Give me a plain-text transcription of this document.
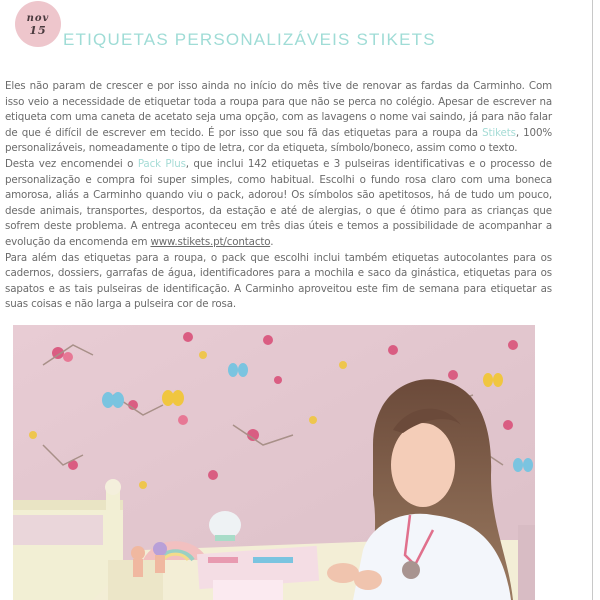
nov
15 ETIQUETAS PERSONALIZÁVEIS STIKETS

Eles não param de crescer e por isso ainda no início do mês tive de renovar as fardas da Carminho. Com isso veio a necessidade de etiquetar toda a roupa para que não se perca no colégio. Apesar de escrever na etiqueta com uma caneta de acetato seja uma opção, com as lavagens o nome vai saindo, já para não falar de que é difícil de escrever em tecido. É por isso que sou fã das etiquetas para a roupa da Stikets, 100% personalizáveis, nomeadamente o tipo de letra, cor da etiqueta, símbolo/boneco, assim como o texto.

Desta vez encomendei o Pack Plus, que inclui 142 etiquetas e 3 pulseiras identificativas e o processo de personalização e compra foi super simples, como habitual. Escolhi o fundo rosa claro com uma boneca amorosa, aliás a Carminho quando viu o pack, adorou! Os símbolos são apetitosos, há de tudo um pouco, desde animais, transportes, desportos, da estação e até de alergias, o que é ótimo para as crianças que sofrem deste problema. A entrega aconteceu em três dias úteis e temos a possibilidade de acompanhar a evolução da encomenda em www.stikets.pt/contacto.

Para além das etiquetas para a roupa, o pack que escolhi inclui também etiquetas autocolantes para os cadernos, dossiers, garrafas de água, identificadores para a mochila e saco da ginástica, etiquetas para os sapatos e as tais pulseiras de identificação. A Carminho aproveitou este fim de semana para etiquetar as suas coisas e não larga a pulseira cor de rosa.
